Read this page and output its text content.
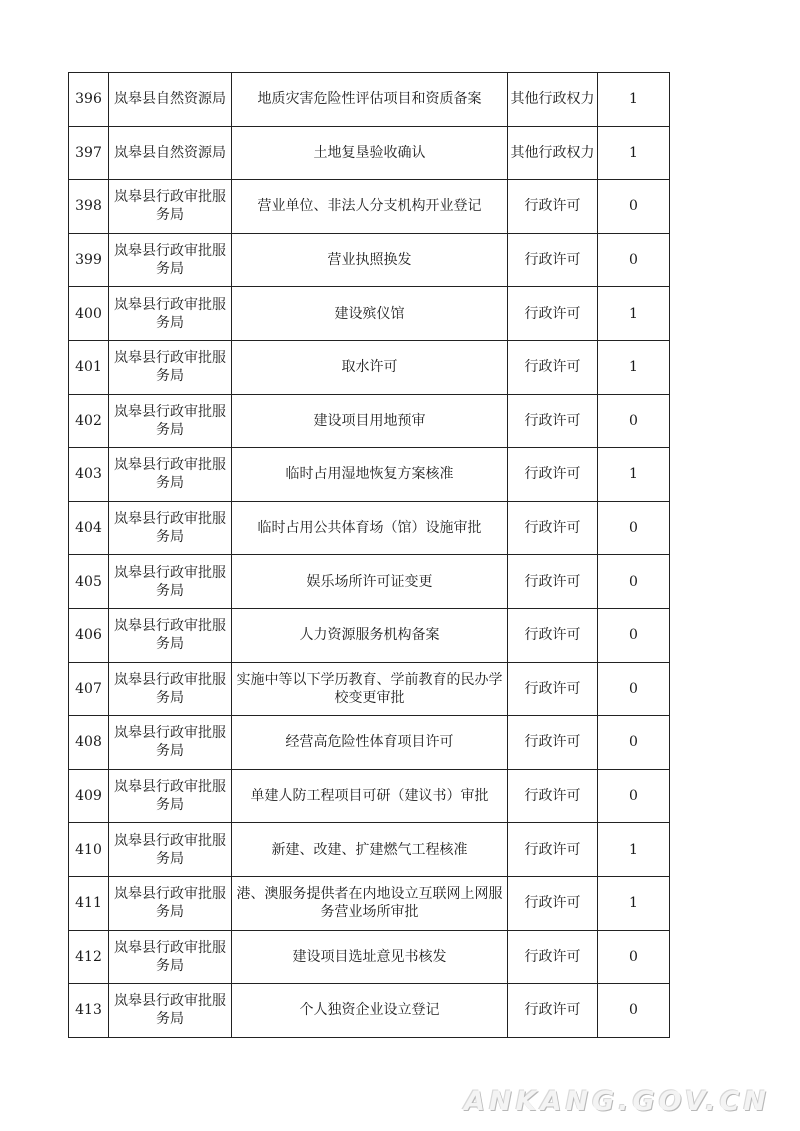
396	岚皋县自然资源局	地质灾害危险性评估项目和资质备案	其他行政权力	1
397	岚皋县自然资源局	土地复垦验收确认	其他行政权力	1
398	岚皋县行政审批服务局	营业单位、非法人分支机构开业登记	行政许可	0
399	岚皋县行政审批服务局	营业执照换发	行政许可	0
400	岚皋县行政审批服务局	建设殡仪馆	行政许可	1
401	岚皋县行政审批服务局	取水许可	行政许可	1
402	岚皋县行政审批服务局	建设项目用地预审	行政许可	0
403	岚皋县行政审批服务局	临时占用湿地恢复方案核准	行政许可	1
404	岚皋县行政审批服务局	临时占用公共体育场（馆）设施审批	行政许可	0
405	岚皋县行政审批服务局	娱乐场所许可证变更	行政许可	0
406	岚皋县行政审批服务局	人力资源服务机构备案	行政许可	0
407	岚皋县行政审批服务局	实施中等以下学历教育、学前教育的民办学校变更审批	行政许可	0
408	岚皋县行政审批服务局	经营高危险性体育项目许可	行政许可	0
409	岚皋县行政审批服务局	单建人防工程项目可研（建议书）审批	行政许可	0
410	岚皋县行政审批服务局	新建、改建、扩建燃气工程核准	行政许可	1
411	岚皋县行政审批服务局	港、澳服务提供者在内地设立互联网上网服务营业场所审批	行政许可	1
412	岚皋县行政审批服务局	建设项目选址意见书核发	行政许可	0
413	岚皋县行政审批服务局	个人独资企业设立登记	行政许可	0
ANKANG.GOV.CN
